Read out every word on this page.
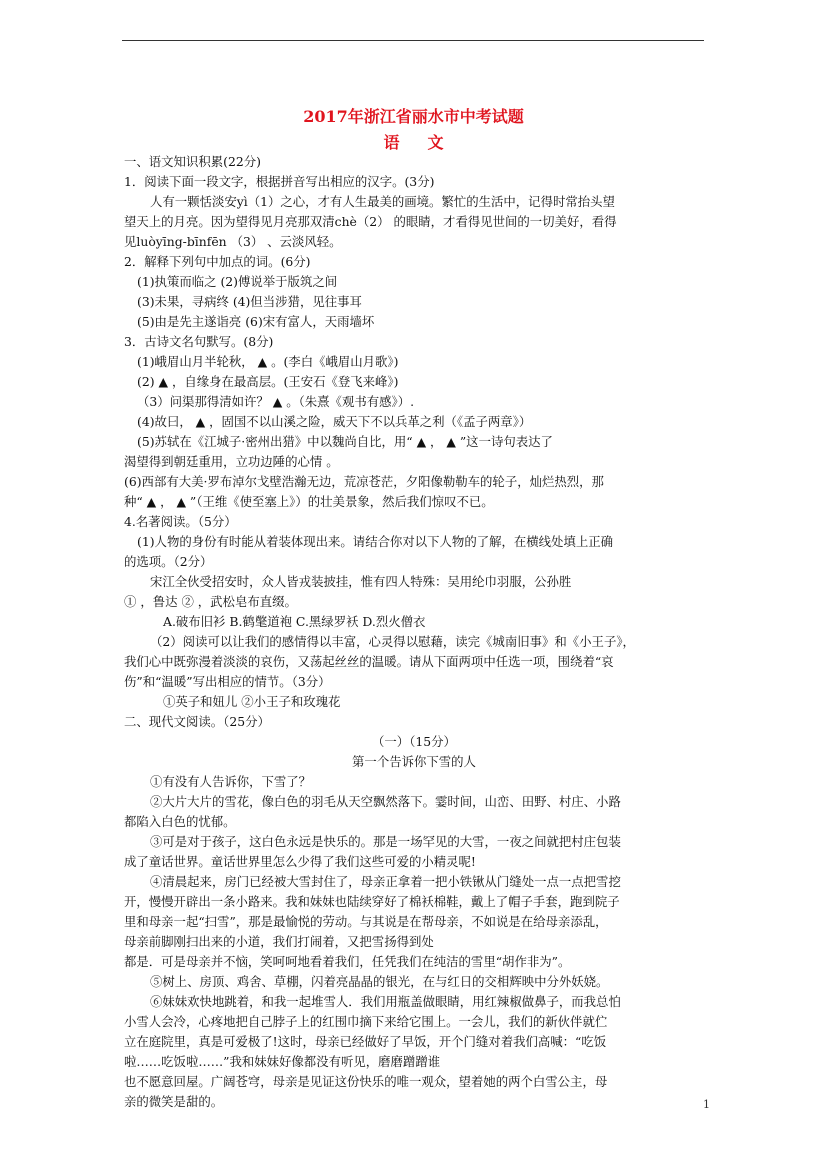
2017年浙江省丽水市中考试题
语文

一、语文知识积累(22分)

1．阅读下面一段文字，根据拼音写出相应的汉字。(3分)

人有一颗恬淡安yì（1）之心，才有人生最美的画境。繁忙的生活中，记得时常抬头望

望天上的月亮。因为望得见月亮那双清chè（2） 的眼睛，才看得见世间的一切美好，看得

见luòyīng-bīnfēn （3） 、云淡风轻。

2．解释下列句中加点的词。(6分)

(1)执策而临之 (2)傅说举于版筑之间

(3)未果，寻病终 (4)但当涉猎，见往事耳

(5)由是先主遂诣亮 (6)宋有富人，天雨墙坏

3．古诗文名句默写。(8分)

(1)峨眉山月半轮秋， ▲ 。(李白《峨眉山月歌》)

(2) ▲ ，自缘身在最高层。(王安石《登飞来峰》)

（3）问渠那得清如许？ ▲ 。（朱熹《观书有感》）.

(4)故曰， ▲ ，固国不以山溪之险，威天下不以兵革之利（《孟子两章》）

(5)苏轼在《江城子·密州出猎》中以魏尚自比，用“ ▲ ， ▲ ”这一诗句表达了

渴望得到朝廷重用，立功边陲的心情 。

(6)西部有大美·罗布淖尔戈壁浩瀚无边，荒凉苍茫，夕阳像勒勒车的轮子，灿烂热烈，那

种“ ▲ ， ▲ ”（王维《使至塞上》）的壮美景象，然后我们惊叹不已。

4.名著阅读。（5分）

(1)人物的身份有时能从着装体现出来。请结合你对以下人物的了解，在横线处填上正确

的选项。（2分）

宋江全伙受招安时，众人皆戎装披挂，惟有四人特殊：吴用纶巾羽服，公孙胜

① ，鲁达 ② ，武松皂布直缀。

A.破布旧衫 B.鹤氅道袍 C.黑绿罗袄 D.烈火僧衣

（2）阅读可以让我们的感情得以丰富，心灵得以慰藉，读完《城南旧事》和《小王子》，

我们心中既弥漫着淡淡的哀伤，又荡起丝丝的温暖。请从下面两项中任选一项，围绕着“哀

伤”和“温暖”写出相应的情节。（3分）

①英子和妞儿 ②小王子和玫瑰花

二、现代文阅读。（25分）

（一）（15分）

第一个告诉你下雪的人

①有没有人告诉你，下雪了？

②大片大片的雪花，像白色的羽毛从天空飘然落下。霎时间，山峦、田野、村庄、小路

都陷入白色的忧郁。

③可是对于孩子，这白色永远是快乐的。那是一场罕见的大雪，一夜之间就把村庄包装

成了童话世界。童话世界里怎么少得了我们这些可爱的小精灵呢!

④清晨起来，房门已经被大雪封住了，母亲正拿着一把小铁锹从门缝处一点一点把雪挖

开，慢慢开辟出一条小路来。我和妹妹也陆续穿好了棉袄棉鞋，戴上了帽子手套，跑到院子

里和母亲一起“扫雪”，那是最愉悦的劳动。与其说是在帮母亲，不如说是在给母亲添乱，

母亲前脚刚扫出来的小道，我们打闹着，又把雪扬得到处

都是．可是母亲并不恼，笑呵呵地看着我们，任凭我们在纯洁的雪里“胡作非为”。

⑤树上、房顶、鸡舍、草棚，闪着亮晶晶的银光，在与红日的交相辉映中分外妖娆。

⑥妹妹欢快地跳着，和我一起堆雪人．我们用瓶盖做眼睛，用红辣椒做鼻子，而我总怕

小雪人会冷，心疼地把自己脖子上的红围巾摘下来给它围上。一会儿，我们的新伙伴就伫

立在庭院里，真是可爱极了!这时，母亲已经做好了早饭，开个门缝对着我们高喊：“吃饭

啦……吃饭啦……”我和妹妹好像都没有听见，磨磨蹭蹭谁

也不愿意回屋。广阔苍穹，母亲是见证这份快乐的唯一观众，望着她的两个白雪公主，母

亲的微笑是甜的。	1
